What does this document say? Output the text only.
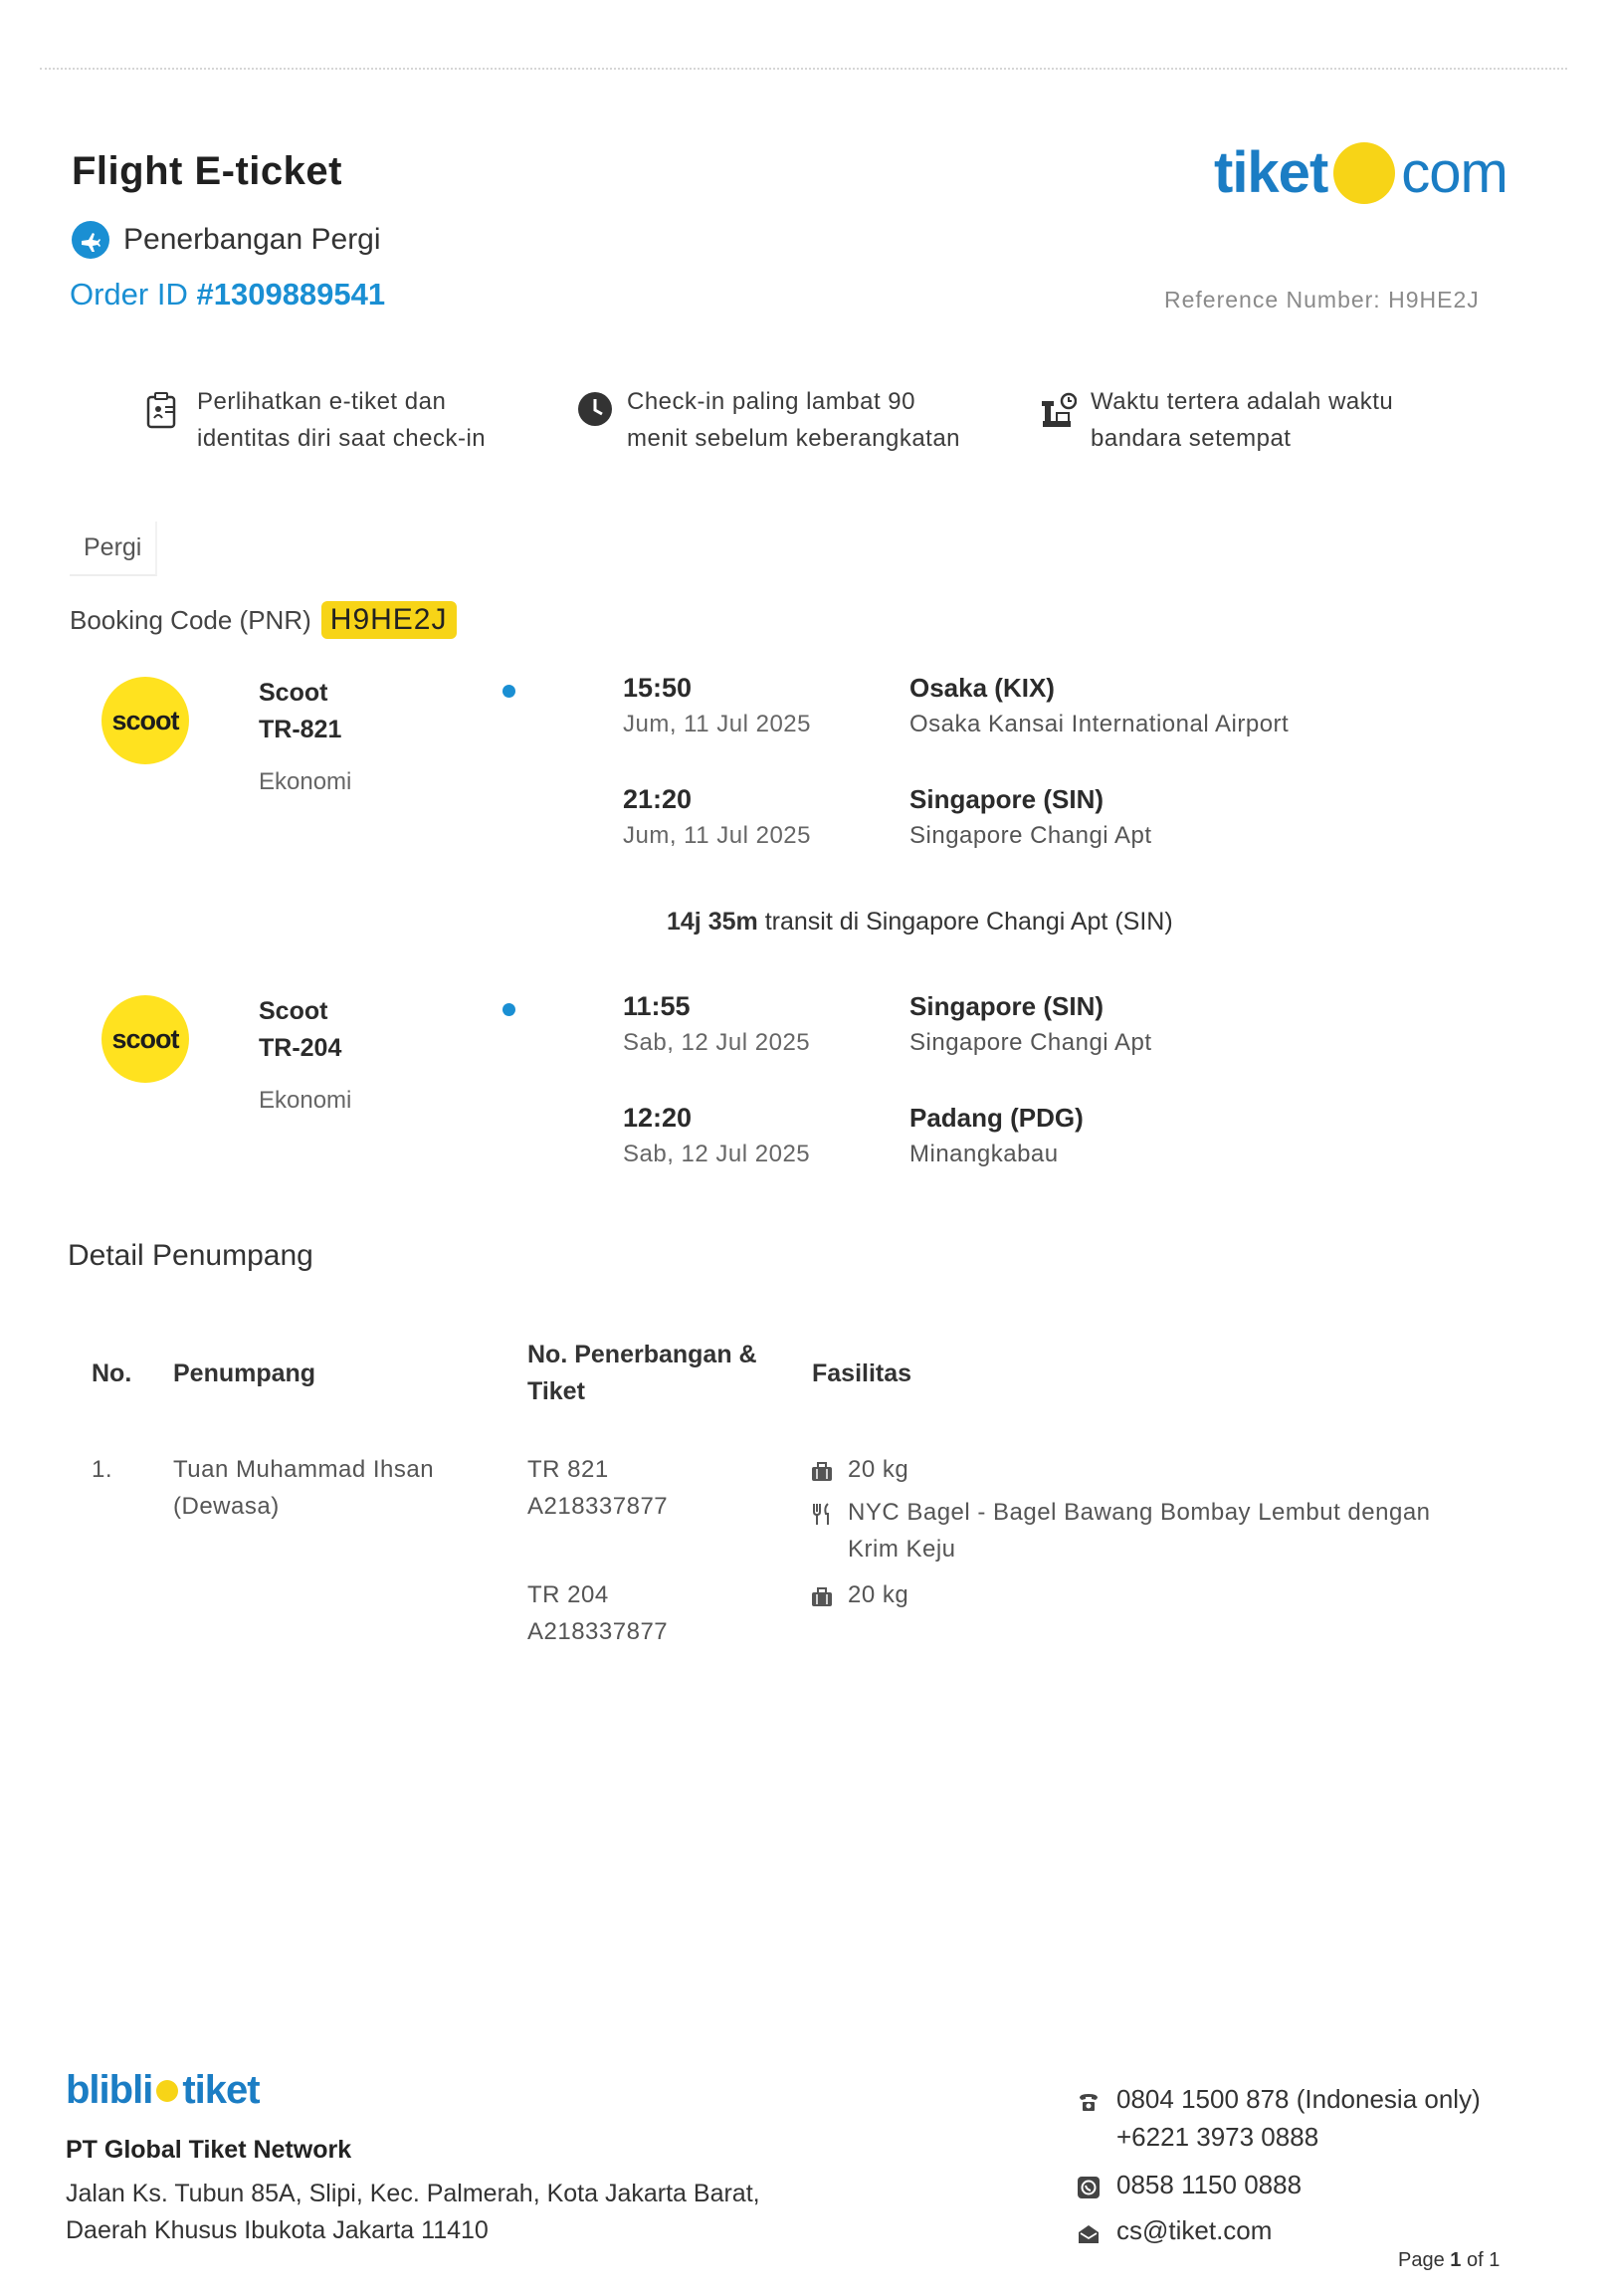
Flight E-ticket
Penerbangan Pergi
Order ID #1309889541
tiket com
Reference Number: H9HE2J
Perlihatkan e-tiket dan
identitas diri saat check-in
Check-in paling lambat 90
menit sebelum keberangkatan
Waktu tertera adalah waktu
bandara setempat
Pergi
Booking Code (PNR) H9HE2J
scoot
Scoot
TR-821
Ekonomi
15:50
Jum, 11 Jul 2025
Osaka (KIX)
Osaka Kansai International Airport
21:20
Jum, 11 Jul 2025
Singapore (SIN)
Singapore Changi Apt
14j 35m transit di Singapore Changi Apt (SIN)
scoot
Scoot
TR-204
Ekonomi
11:55
Sab, 12 Jul 2025
Singapore (SIN)
Singapore Changi Apt
12:20
Sab, 12 Jul 2025
Padang (PDG)
Minangkabau
Detail Penumpang
No. Penumpang
No. Penerbangan &
Tiket
Fasilitas
1.	Tuan Muhammad Ihsan
(Dewasa)
TR 821
A218337877
20 kg
NYC Bagel - Bagel Bawang Bombay Lembut dengan
Krim Keju
TR 204
A218337877
20 kg
blibli tiket
PT Global Tiket Network
Jalan Ks. Tubun 85A, Slipi, Kec. Palmerah, Kota Jakarta Barat,
Daerah Khusus Ibukota Jakarta 11410
0804 1500 878 (Indonesia only)
+6221 3973 0888
0858 1150 0888
cs@tiket.com
Page 1 of 1
